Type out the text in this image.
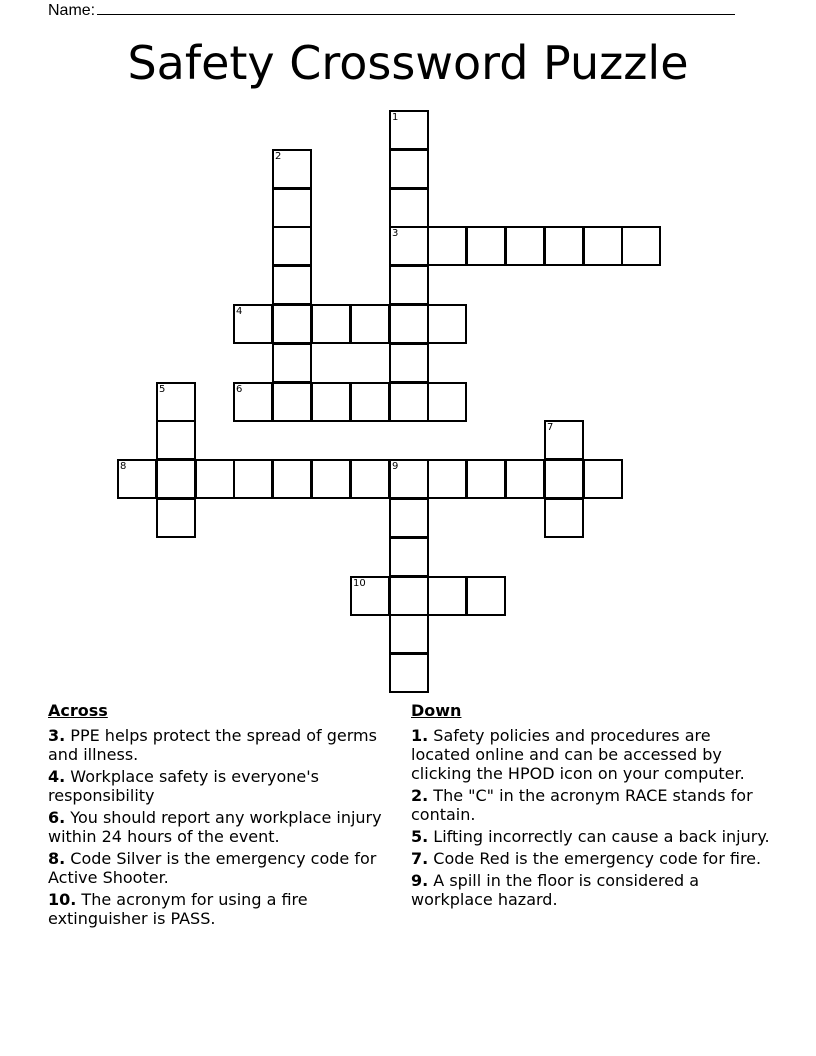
Name:
Safety Crossword Puzzle
1
2
3
4
5	6
7
8	9
10
Across
3. PPE helps protect the spread of germs and illness.
4. Workplace safety is everyone's responsibility
6. You should report any workplace injury within 24 hours of the event.
8. Code Silver is the emergency code for Active Shooter.
10. The acronym for using a fire extinguisher is PASS.
Down
1. Safety policies and procedures are located online and can be accessed by clicking the HPOD icon on your computer.
2. The "C" in the acronym RACE stands for contain.
5. Lifting incorrectly can cause a back injury.
7. Code Red is the emergency code for fire.
9. A spill in the floor is considered a workplace hazard.
